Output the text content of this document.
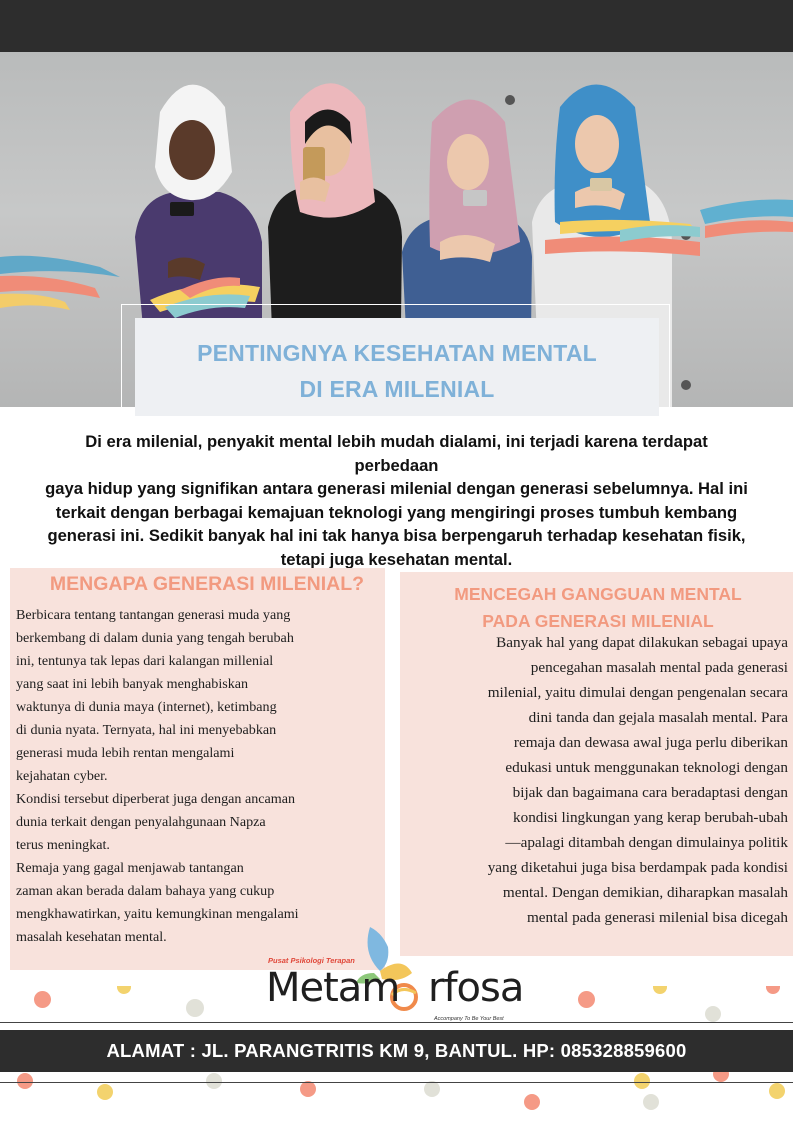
PENTINGNYA KESEHATAN MENTAL
DI ERA MILENIAL
Di era milenial, penyakit mental lebih mudah dialami, ini terjadi karena terdapat
perbedaan
gaya hidup yang signifikan antara generasi milenial dengan generasi sebelumnya. Hal ini
terkait dengan berbagai kemajuan teknologi yang mengiringi proses tumbuh kembang
generasi ini. Sedikit banyak hal ini tak hanya bisa berpengaruh terhadap kesehatan fisik,
tetapi juga kesehatan mental.
MENGAPA GENERASI MILENIAL?
Berbicara tentang tantangan generasi muda yang
berkembang di dalam dunia yang tengah berubah
ini, tentunya tak lepas dari kalangan millenial
yang saat ini lebih banyak menghabiskan
waktunya di dunia maya (internet), ketimbang
di dunia nyata. Ternyata, hal ini menyebabkan
generasi muda lebih rentan mengalami
kejahatan cyber.
Kondisi tersebut diperberat juga dengan ancaman
dunia terkait dengan penyalahgunaan Napza
terus meningkat.
Remaja yang gagal menjawab tantangan
zaman akan berada dalam bahaya yang cukup
mengkhawatirkan, yaitu kemungkinan mengalami
masalah kesehatan mental.
MENCEGAH GANGGUAN MENTAL
PADA GENERASI MILENIAL
Banyak hal yang dapat dilakukan sebagai upaya
pencegahan masalah mental pada generasi
milenial, yaitu dimulai dengan pengenalan secara
dini tanda dan gejala masalah mental. Para
remaja dan dewasa awal juga perlu diberikan
edukasi untuk menggunakan teknologi dengan
bijak dan bagaimana cara beradaptasi dengan
kondisi lingkungan yang kerap berubah-ubah
—apalagi ditambah dengan dimulainya politik
yang diketahui juga bisa berdampak pada kondisi
mental. Dengan demikian, diharapkan masalah
mental pada generasi milenial bisa dicegah
Pusat Psikologi Terapan
Metam rfosa
Accompany To Be Your Best
ALAMAT : JL. PARANGTRITIS KM 9, BANTUL. HP: 085328859600
